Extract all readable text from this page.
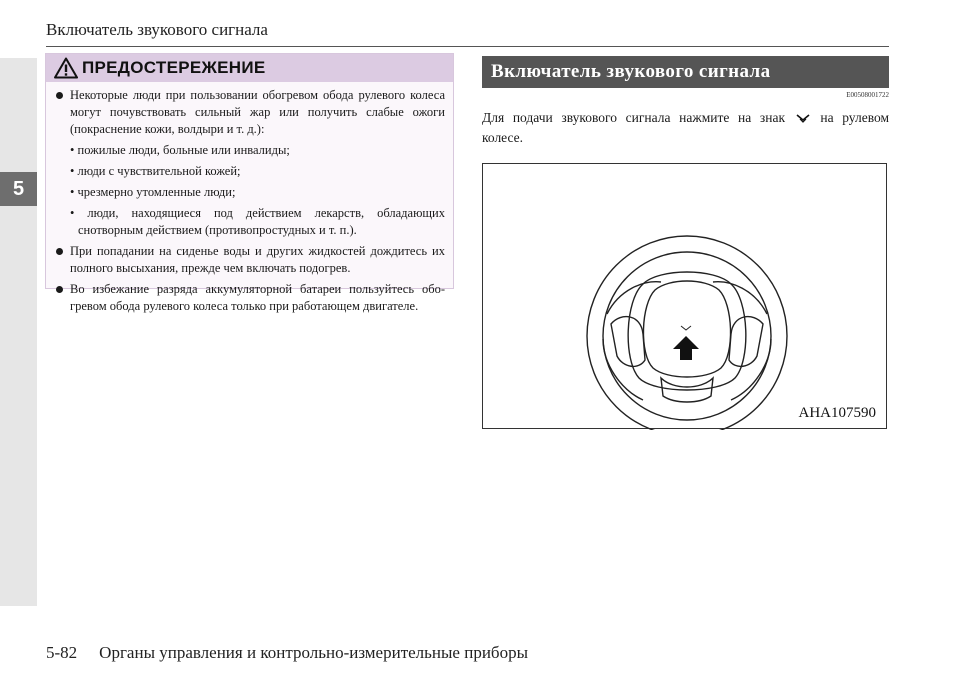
5
Включатель звукового сигнала
ПРЕДОСТЕРЕЖЕНИЕ
Некоторые люди при пользовании обогревом обода рулевого колеса могут почувствовать сильный жар или получить слабые ожоги (покраснение кожи, волдыри и т. д.):
• пожилые люди, больные или инвалиды;
• люди с чувствительной кожей;
• чрезмерно утомленные люди;
• люди, находящиеся под действием лекарств, обладающих снотворным действием (противопростудных и т. п.).
При попадании на сиденье воды и других жидкостей дождитесь их полного высыхания, прежде чем включать подогрев.
Во избежание разряда аккумуляторной батареи пользуйтесь обо-гревом обода рулевого колеса только при работающем двигателе.
Включатель звукового сигнала
E00508001722

Для подачи звукового сигнала нажмите на знак	на рулевом колесе.

AHA107590
5-82 Органы управления и контрольно-измерительные приборы
